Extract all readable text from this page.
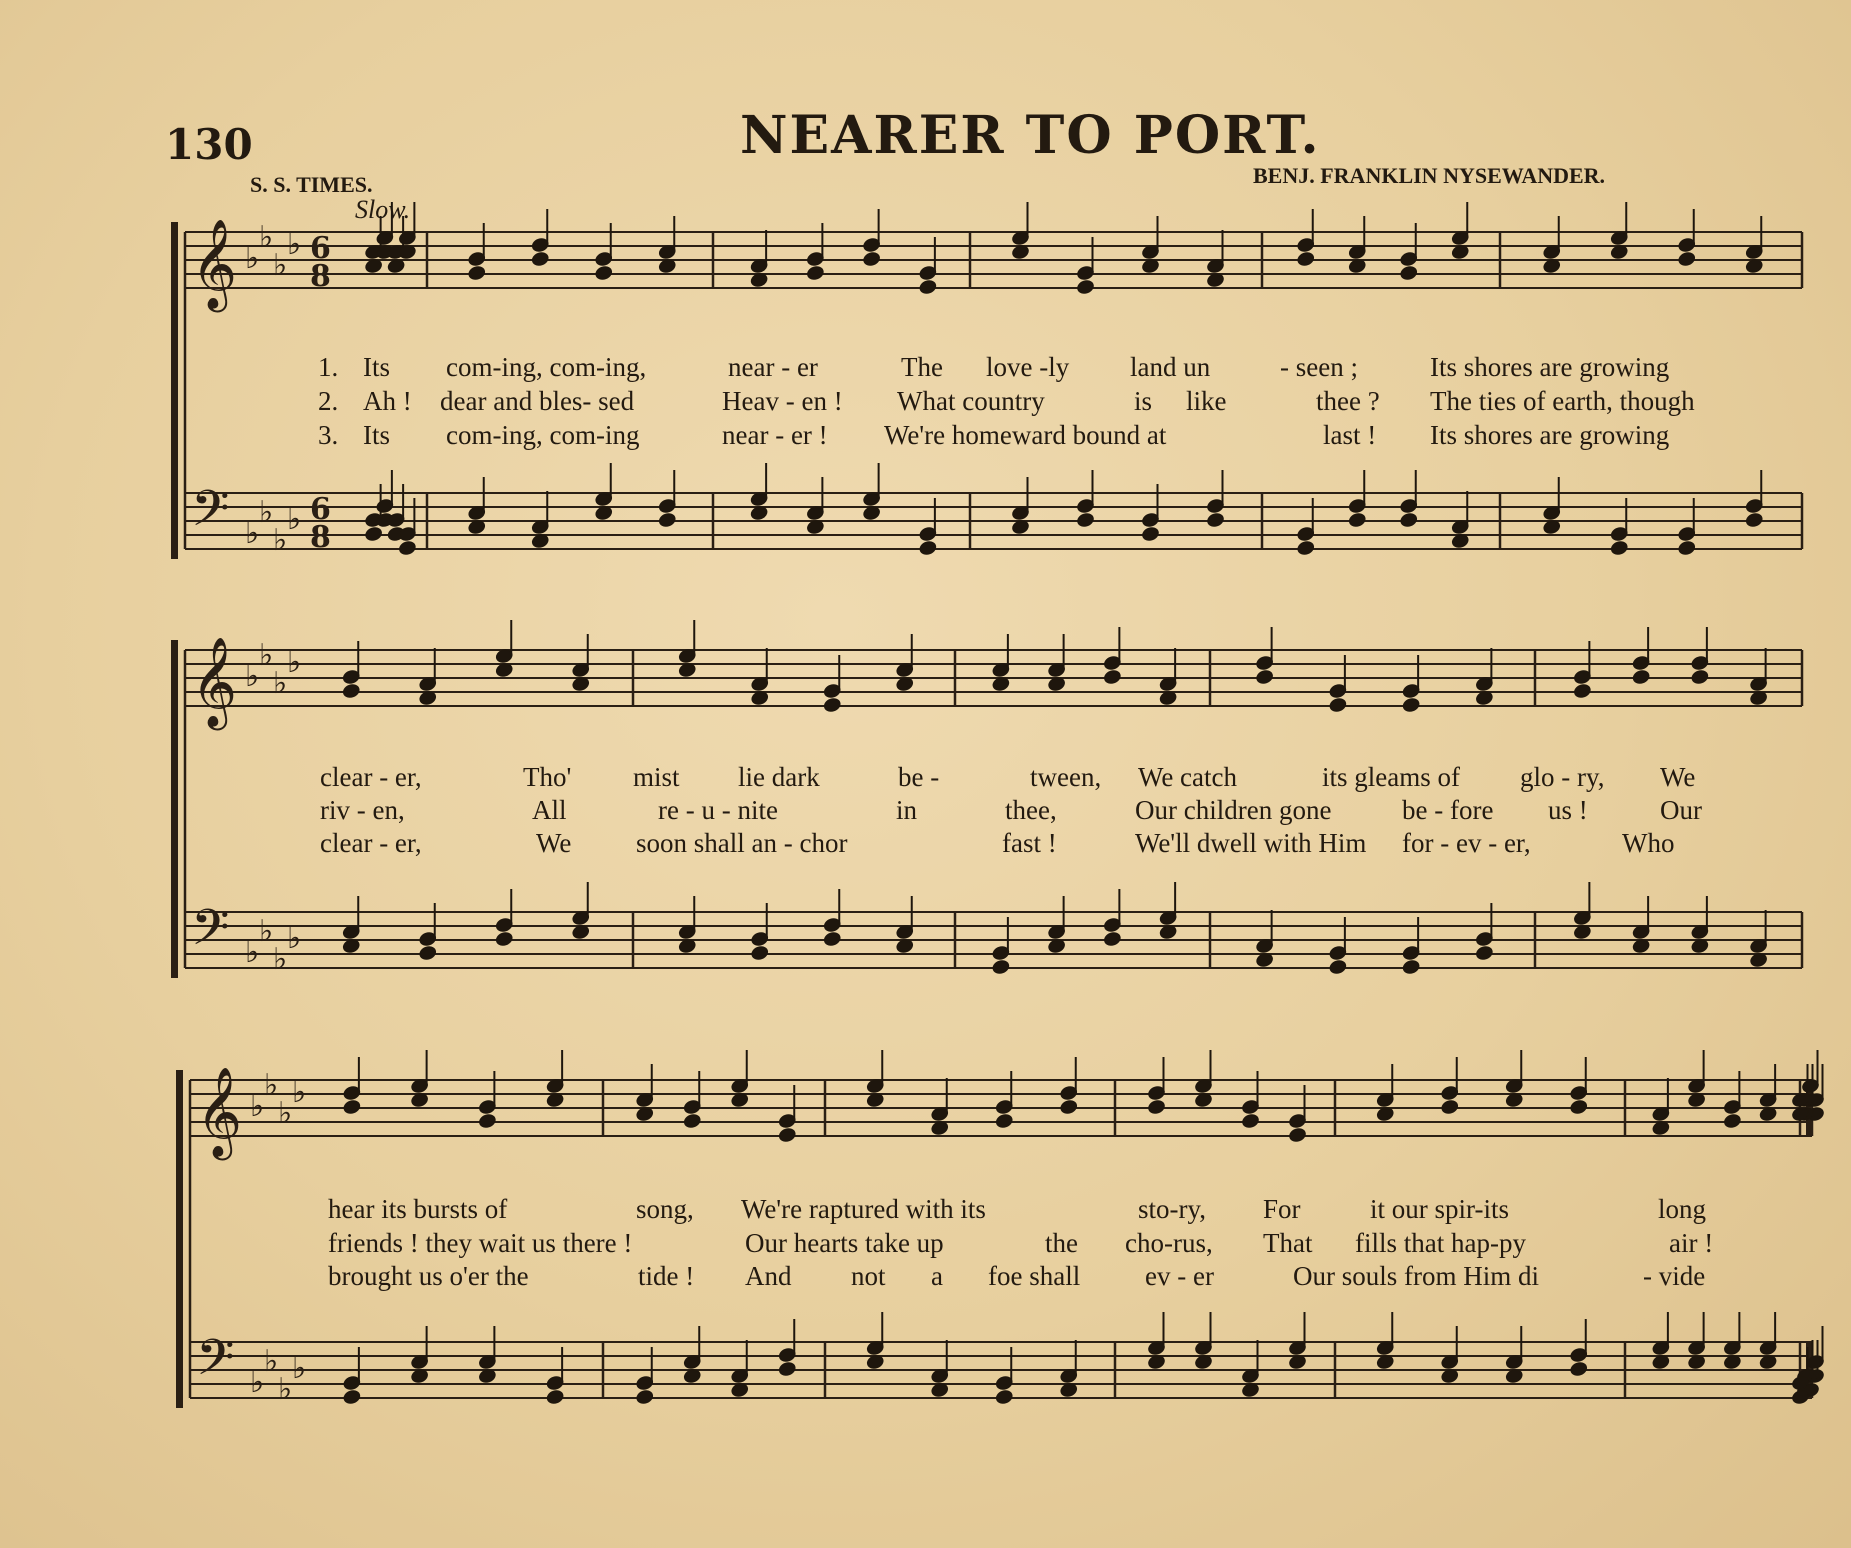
130	NEARER TO PORT.
S. S. TIMES.	BENJ. FRANKLIN NYSEWANDER.
Slow.
𝄞 ♭
♭
♭
♭ 6
8
𝄢 ♭
♭
♭
♭ 6
8
𝄞 ♭
♭
♭
♭
𝄢 ♭
♭
♭
♭
𝄞 ♭
♭
♭
♭
𝄢 ♭
♭
♭
♭
1. Its com-ing, com-ing,	near - er	The love -ly land un	- seen ;	Its shores are growing
2. Ah ! dear and bles- sed	Heav - en ! What country	is like	thee ? The ties of earth, though
3. Its com-ing, com-ing	near - er ! We're homeward bound at	last ! Its shores are growing
clear - er,	Tho' mist lie dark	be -	tween, We catch	its gleams of glo - ry, We
riv - en,	All	re - u - nite	in	thee,	Our children gone	be - fore us !	Our
clear - er,	We soon shall an - chor	fast !	We'll dwell with Him for - ev - er,	Who
hear its bursts of	song, We're raptured with its	sto-ry, For	it our spir-its	long
friends ! they wait us there !	Our hearts take up	the cho-rus, That fills that hap-py	air !
brought us o'er the	tide ! And not a foe shall ev - er	Our souls from Him di	- vide
